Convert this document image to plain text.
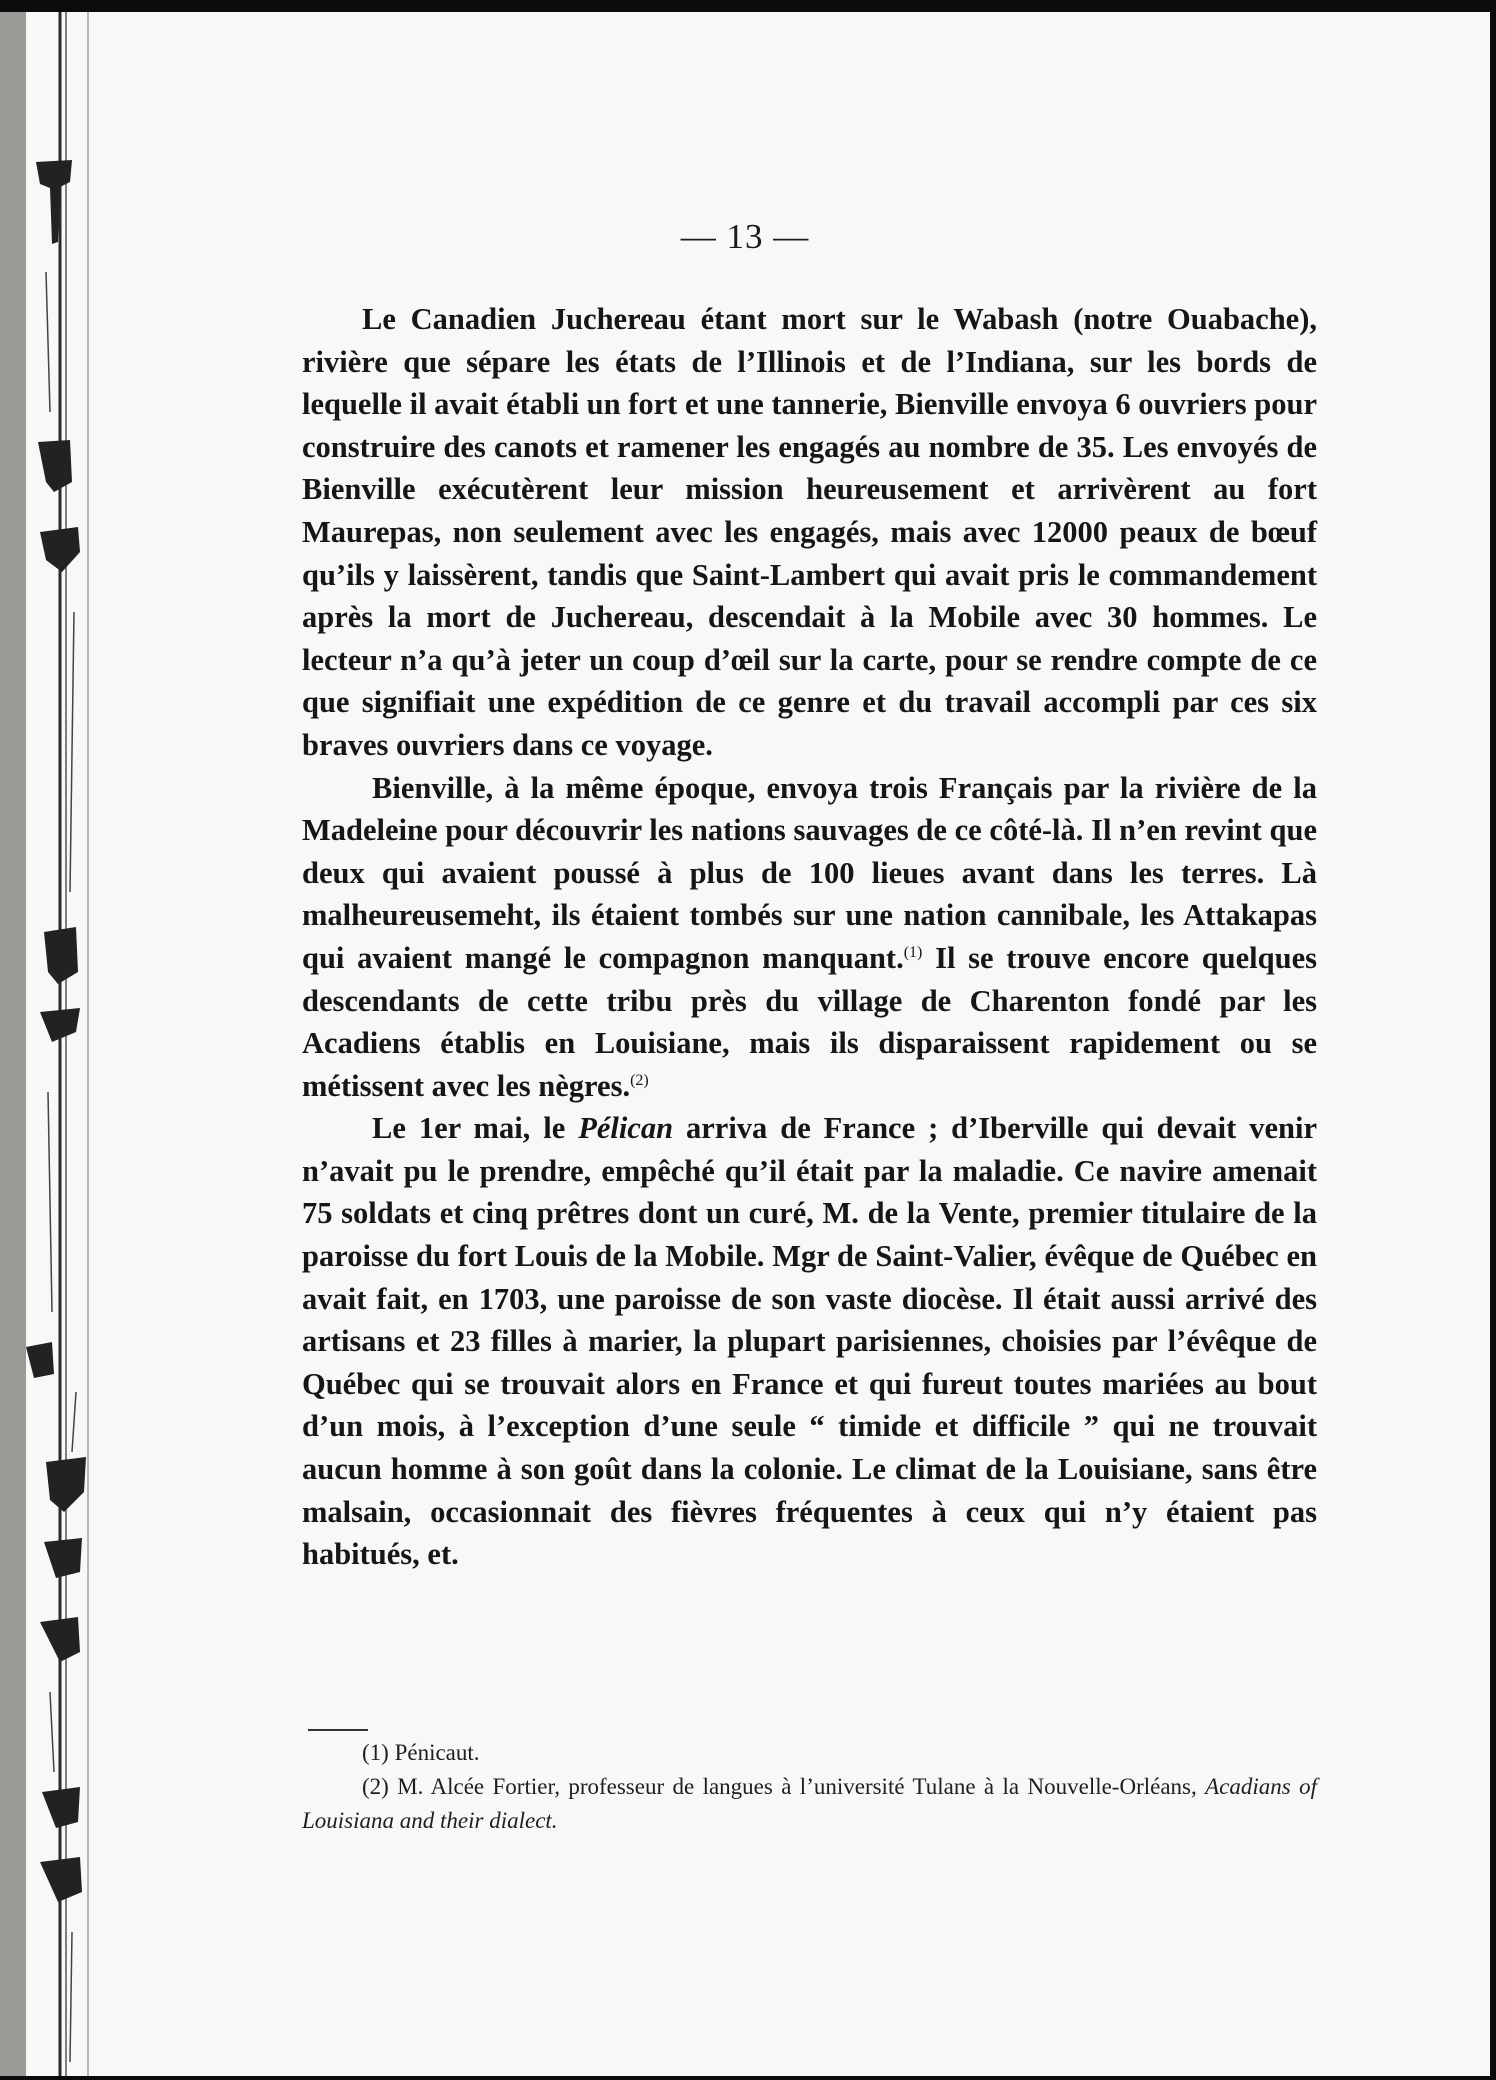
— 13 —

Le Canadien Juchereau étant mort sur le Wabash (notre Ouabache), rivière que sépare les états de l’Illinois et de l’Indiana, sur les bords de lequelle il avait établi un fort et une tannerie, Bienville envoya 6 ouvriers pour construire des canots et ramener les engagés au nombre de 35. Les envoyés de Bienville exécutèrent leur mission heureusement et arrivèrent au fort Maurepas, non seulement avec les engagés, mais avec 12000 peaux de bœuf qu’ils y laissèrent, tandis que Saint-Lambert qui avait pris le commandement après la mort de Juchereau, descendait à la Mobile avec 30 hommes. Le lecteur n’a qu’à jeter un coup d’œil sur la carte, pour se rendre compte de ce que signifiait une expédition de ce genre et du travail accompli par ces six braves ouvriers dans ce voyage.

Bienville, à la même époque, envoya trois Français par la rivière de la Madeleine pour découvrir les nations sauvages de ce côté-là. Il n’en revint que deux qui avaient poussé à plus de 100 lieues avant dans les terres. Là malheureusemeht, ils étaient tombés sur une nation cannibale, les Attakapas qui avaient mangé le compagnon manquant.$^{(1)}$ Il se trouve encore quelques descendants de cette tribu près du village de Charenton fondé par les Acadiens établis en Louisiane, mais ils disparaissent rapidement ou se métissent avec les nègres.$^{(2)}$

Le 1er mai, le Pélican arriva de France ; d’Iberville qui devait venir n’avait pu le prendre, empêché qu’il était par la maladie. Ce navire amenait 75 soldats et cinq prêtres dont un curé, M. de la Vente, premier titulaire de la paroisse du fort Louis de la Mobile. Mgr de Saint-Valier, évêque de Québec en avait fait, en 1703, une paroisse de son vaste diocèse. Il était aussi arrivé des artisans et 23 filles à marier, la plupart parisiennes, choisies par l’évêque de Québec qui se trouvait alors en France et qui fureut toutes mariées au bout d’un mois, à l’exception d’une seule “ timide et difficile ” qui ne trouvait aucun homme à son goût dans la colonie. Le climat de la Louisiane, sans être malsain, occasionnait des fièvres fréquentes à ceux qui n’y étaient pas habitués, et.

(1) Pénicaut.

(2) M. Alcée Fortier, professeur de langues à l’université Tulane à la Nouvelle-Orléans, Acadians of Louisiana and their dialect.
